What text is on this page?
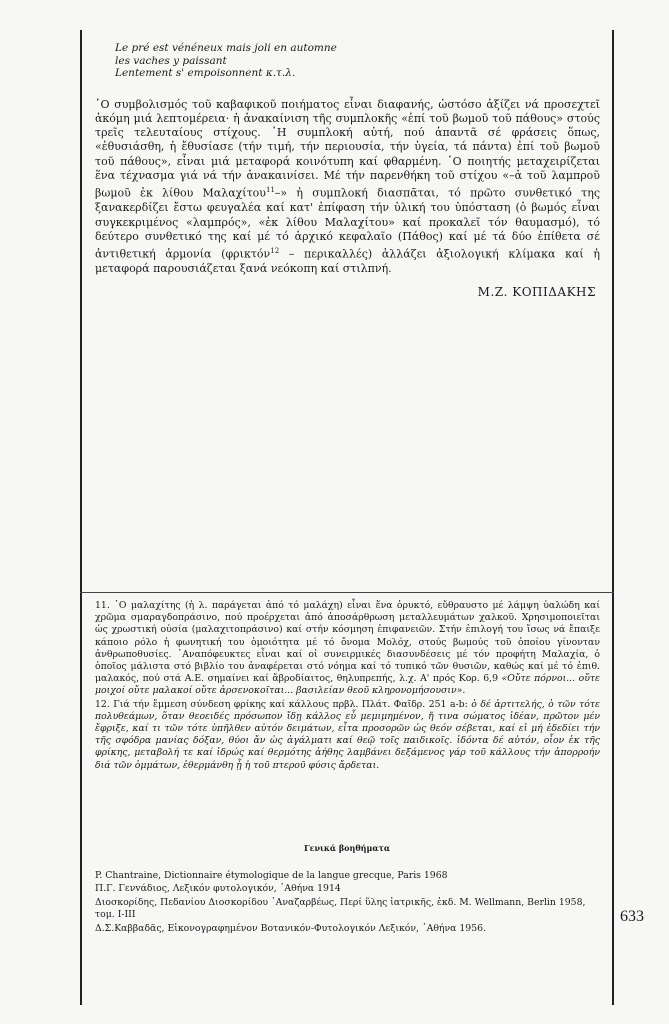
Le pré est vénéneux mais joli en automne
les vaches y paissant
Lentement s' empoisonnent κ.τ.λ.
῾Ο συμβολισμός τοῦ καβαφικοῦ ποιήματος εἶναι διαφανής, ὡστόσο ἀξίζει νά προσεχτεῖ ἀκόμη μιά λεπτομέρεια· ἡ ἀνακαίνιση τῆς συμπλοκῆς «ἐπί τοῦ βωμοῦ τοῦ πάθους» στούς τρεῖς τελευταίους στίχους. ῾Η συμπλοκή αὐτή, πού ἀπαντᾶ σέ φράσεις ὅπως, «ἐθυσιάσθη, ἡ ἔθυσίασε (τήν τιμή, τήν περιουσία, τήν ὑγεία, τά πάντα) ἐπί τοῦ βωμοῦ τοῦ πάθους», εἶναι μιά μεταφορά κοινότυπη καί φθαρμένη. ῾Ο ποιητής μεταχειρίζεται ἕνα τέχνασμα γιά νά τήν ἀνακαινίσει. Μέ τήν παρενθήκη τοῦ στίχου «–ἀ τοῦ λαμπροῦ βωμοῦ ἐκ λίθου Μαλαχίτου$^{11}$–» ἡ συμπλοκή διασπᾶται, τό πρῶτο συνθετικό της ξανακερδίζει ἔστω φευγαλέα καί κατ' ἐπίφαση τήν ὑλική του ὑπόσταση (ὁ βωμός εἶναι συγκεκριμένος «λαμπρός», «ἐκ λίθου Μαλαχίτου» καί προκαλεῖ τόν θαυμασμό), τό δεύτερο συνθετικό της καί μέ τό ἀρχικό κεφαλαῖο (Πάθος) καί μέ τά δύο ἐπίθετα σέ ἀντιθετική ἁρμονία (φρικτόν$^{12}$ – περικαλλές) ἀλλάζει ἀξιολογική κλίμακα καί ἡ μεταφορά παρουσιάζεται ξανά νεόκοπη καί στιλπνή.
Μ.Ζ. ΚΟΠΙΔΑΚΗΣ
11. ῾Ο μαλαχίτης (ἡ λ. παράγεται ἀπό τό μαλάχη) εἶναι ἕνα ὀρυκτό, εὔθραυστο μέ λάμψη ὑαλώδη καί χρῶμα σμαραγδοπράσινο, πού προέρχεται ἀπό ἀποσάρθρωση μεταλλευμάτων χαλκοῦ. Χρησιμοποιεῖται ὡς χρωστική οὐσία (μαλαχιτοπράσινο) καί στήν κόσμηση ἐπιφανειῶν. Στήν ἐπιλογή του ἴσως νά ἔπαιξε κάποιο ρόλο ἡ φωνητική του ὁμοιότητα μέ τό ὄνομα Μολόχ, στούς βωμούς τοῦ ὁποίου γίνονταν ἀνθρωποθυσίες. ᾿Αναπόφευκτες εἶναι καί οἱ συνειρμικές διασυνδέσεις μέ τόν προφήτη Μαλαχία, ὁ ὁποῖος μάλιστα στό βιβλίο του ἀναφέρεται στό νόημα καί τό τυπικό τῶν θυσιῶν, καθώς καί μέ τό ἐπιθ. μαλακός, πού στά Α.Ε. σημαίνει καί ἄβροδίαιτος, θηλυπρεπής, λ.χ. Α' πρός Κορ. 6,9 «Οὔτε πόρνοι... οὔτε μοιχοί οὔτε μαλακοί οὔτε ἀρσενοκοῖται... βασιλείαν θεοῦ κληρονομήσουσιν».
12. Γιά τήν ἔμμεση σύνδεση φρίκης καί κάλλους πρβλ. Πλάτ. Φαῖδρ. 251 a-b: ὁ δέ ἀρτιτελής, ὁ τῶν τότε πολυθεάμων, ὅταν θεοειδές πρόσωπον ἴδῃ κάλλος εὖ μεμιμημένον, ἤ τινα σώματος ἰδέαν, πρῶτον μέν ἔφριξε, καί τι τῶν τότε ὑπῆλθεν αὐτόν δειμάτων, εἶτα προσορῶν ὡς θεόν σέβεται, καί εἰ μή ἐδεδίει τήν τῆς σφόδρα μανίας δόξαν, θύοι ἄν ὡς ἀγάλματι καί θεῷ τοῖς παιδικοῖς. ἰδόντα δέ αὐτόν, οἷον ἐκ τῆς φρίκης, μεταβολή τε καί ἱδρώς καί θερμότης ἀήθης λαμβάνει δεξάμενος γάρ τοῦ κάλλους τήν ἀπορροήν διά τῶν ὀμμάτων, ἐθερμάνθη ᾗ ἡ τοῦ πτεροῦ φύσις ἄρδεται.
Γενικά βοηθήματα
P. Chantraine, Dictionnaire étymologique de la langue grecque, Paris 1968
Π.Γ. Γενvάδιος, Λεξικόν φυτολογικόν, ᾿Αθήνα 1914
Διοσκορίδης, Πεδανίου Διοσκορίδου ᾿Αναζαρβέως, Περί ὕλης ἰατρικῆς, ἐκδ. Μ. Wellmann, Berlin 1958, τομ. I-III
Δ.Σ.Καββαδᾶς, Εἰκονογραφημένον Βοτανικόν-Φυτολογικόν Λεξικόν, ᾿Αθήνα 1956.
633
